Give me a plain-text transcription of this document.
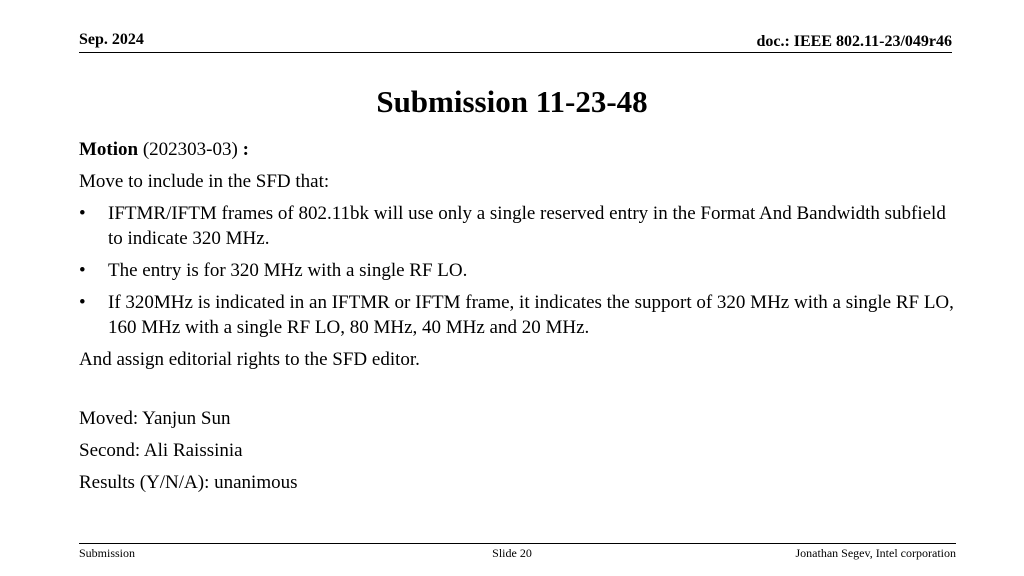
Sep. 2024	doc.: IEEE 802.11-23/049r46
Submission 11-23-48

Motion (202303-03) :

Move to include in the SFD that:

• IFTMR/IFTM frames of 802.11bk will use only a single reserved entry in the Format And Bandwidth subfield to indicate 320 MHz.
• The entry is for 320 MHz with a single RF LO.
• If 320MHz is indicated in an IFTMR or IFTM frame, it indicates the support of 320 MHz with a single RF LO, 160 MHz with a single RF LO, 80 MHz, 40 MHz and 20 MHz.

And assign editorial rights to the SFD editor.

Moved: Yanjun Sun

Second: Ali Raissinia

Results (Y/N/A): unanimous

Submission	Slide 20	Jonathan Segev, Intel corporation
